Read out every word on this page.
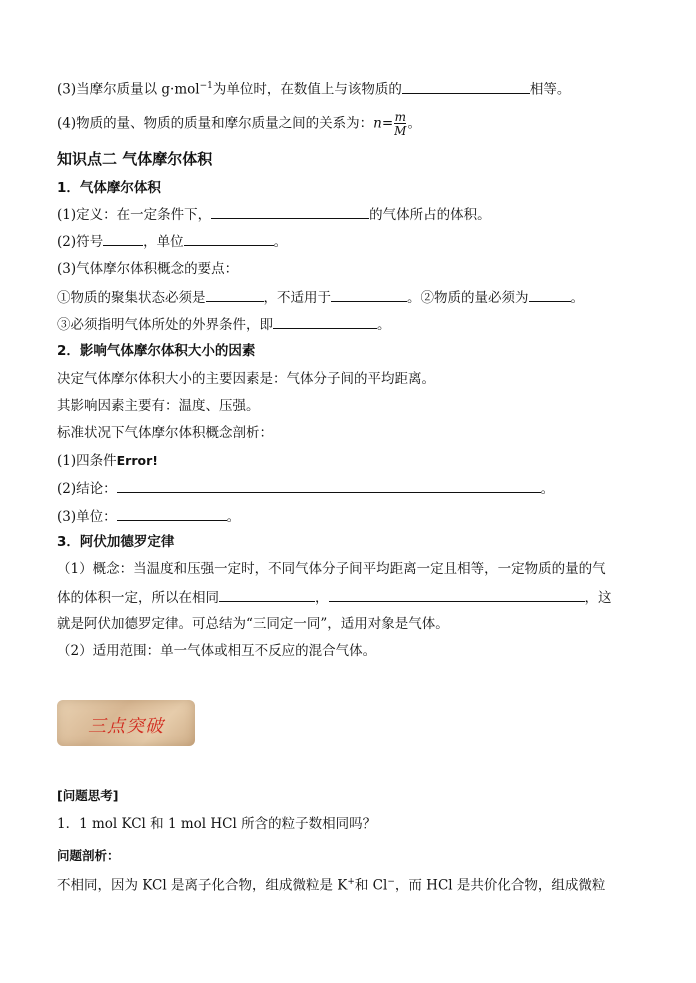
(3)当摩尔质量以 g·mol$^{-1}$为单位时，在数值上与该物质的	相等。
(4)物质的量、物质的质量和摩尔质量之间的关系为：$n= \frac{m}{M}$ 。
知识点二 气体摩尔体积
1．气体摩尔体积
(1)定义：在一定条件下，	的气体所占的体积。
(2)符号	，单位	。
(3)气体摩尔体积概念的要点：
①物质的聚集状态必须是	，不适用于	。②物质的量必须为	。
③必须指明气体所处的外界条件，即	。
2．影响气体摩尔体积大小的因素
决定气体摩尔体积大小的主要因素是：气体分子间的平均距离。
其影响因素主要有：温度、压强。
标准状况下气体摩尔体积概念剖析：
(1)四条件Error!
(2)结论：	。
(3)单位：	。
3．阿伏加德罗定律
（1）概念：当温度和压强一定时，不同气体分子间平均距离一定且相等，一定物质的量的气
体的体积一定，所以在相同	，	，这
就是阿伏加德罗定律。可总结为“三同定一同”，适用对象是气体。
（2）适用范围：单一气体或相互不反应的混合气体。
三点突破
[问题思考]
1．1 mol KCl 和 1 mol HCl 所含的粒子数相同吗？
问题剖析：
不相同，因为 KCl 是离子化合物，组成微粒是 K+和 Cl−，而 HCl 是共价化合物，组成微粒
